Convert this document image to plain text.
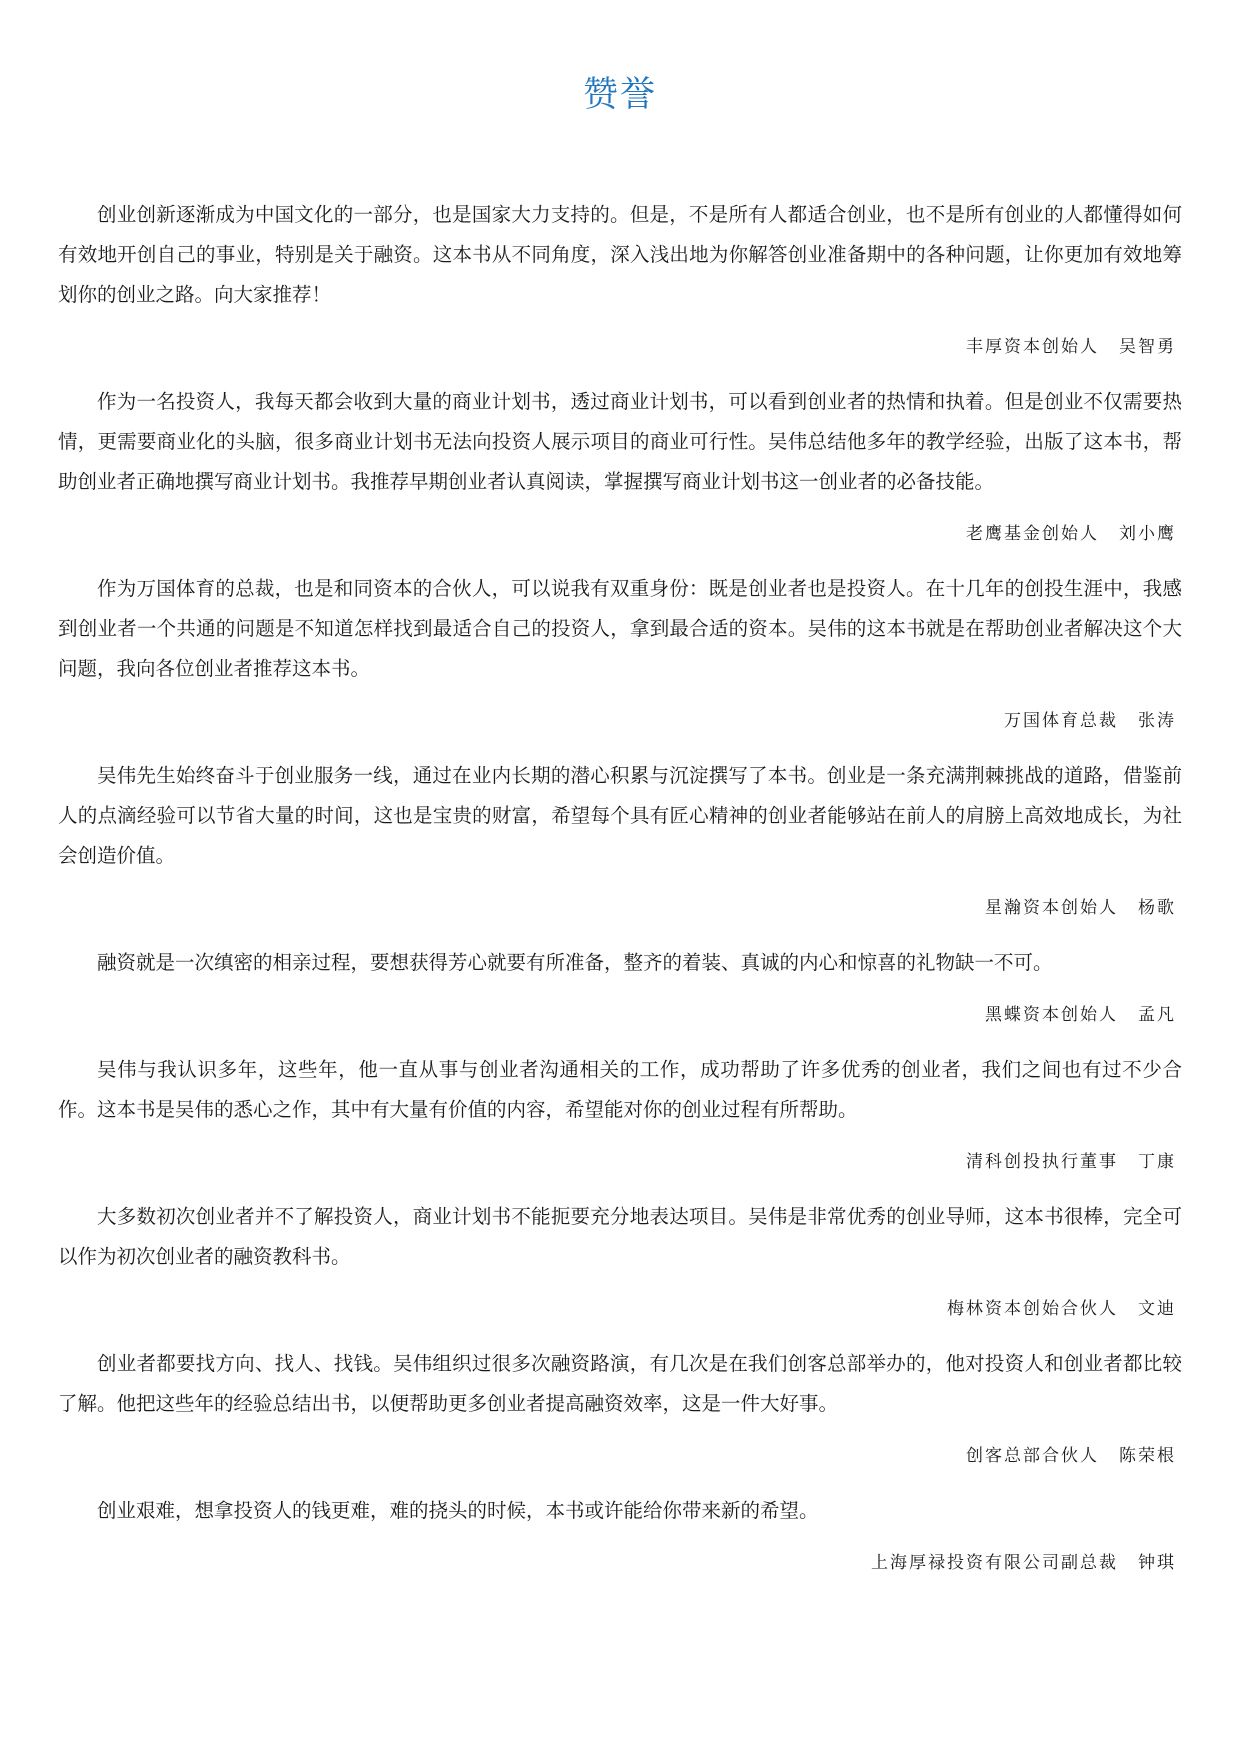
赞誉

创业创新逐渐成为中国文化的一部分，也是国家大力支持的。但是，不是所有人都适合创业，也不是所有创业的人都懂得如何有效地开创自己的事业，特别是关于融资。这本书从不同角度，深入浅出地为你解答创业准备期中的各种问题，让你更加有效地筹划你的创业之路。向大家推荐！

丰厚资本创始人 吴智勇

作为一名投资人，我每天都会收到大量的商业计划书，透过商业计划书，可以看到创业者的热情和执着。但是创业不仅需要热情，更需要商业化的头脑，很多商业计划书无法向投资人展示项目的商业可行性。吴伟总结他多年的教学经验，出版了这本书，帮助创业者正确地撰写商业计划书。我推荐早期创业者认真阅读，掌握撰写商业计划书这一创业者的必备技能。

老鹰基金创始人 刘小鹰

作为万国体育的总裁，也是和同资本的合伙人，可以说我有双重身份：既是创业者也是投资人。在十几年的创投生涯中，我感到创业者一个共通的问题是不知道怎样找到最适合自己的投资人，拿到最合适的资本。吴伟的这本书就是在帮助创业者解决这个大问题，我向各位创业者推荐这本书。

万国体育总裁 张涛

吴伟先生始终奋斗于创业服务一线，通过在业内长期的潜心积累与沉淀撰写了本书。创业是一条充满荆棘挑战的道路，借鉴前人的点滴经验可以节省大量的时间，这也是宝贵的财富，希望每个具有匠心精神的创业者能够站在前人的肩膀上高效地成长，为社会创造价值。

星瀚资本创始人 杨歌

融资就是一次缜密的相亲过程，要想获得芳心就要有所准备，整齐的着装、真诚的内心和惊喜的礼物缺一不可。

黑蝶资本创始人 孟凡

吴伟与我认识多年，这些年，他一直从事与创业者沟通相关的工作，成功帮助了许多优秀的创业者，我们之间也有过不少合作。这本书是吴伟的悉心之作，其中有大量有价值的内容，希望能对你的创业过程有所帮助。

清科创投执行董事 丁康

大多数初次创业者并不了解投资人，商业计划书不能扼要充分地表达项目。吴伟是非常优秀的创业导师，这本书很棒，完全可以作为初次创业者的融资教科书。

梅林资本创始合伙人 文迪

创业者都要找方向、找人、找钱。吴伟组织过很多次融资路演，有几次是在我们创客总部举办的，他对投资人和创业者都比较了解。他把这些年的经验总结出书，以便帮助更多创业者提高融资效率，这是一件大好事。

创客总部合伙人 陈荣根

创业艰难，想拿投资人的钱更难，难的挠头的时候，本书或许能给你带来新的希望。

上海厚禄投资有限公司副总裁 钟琪
